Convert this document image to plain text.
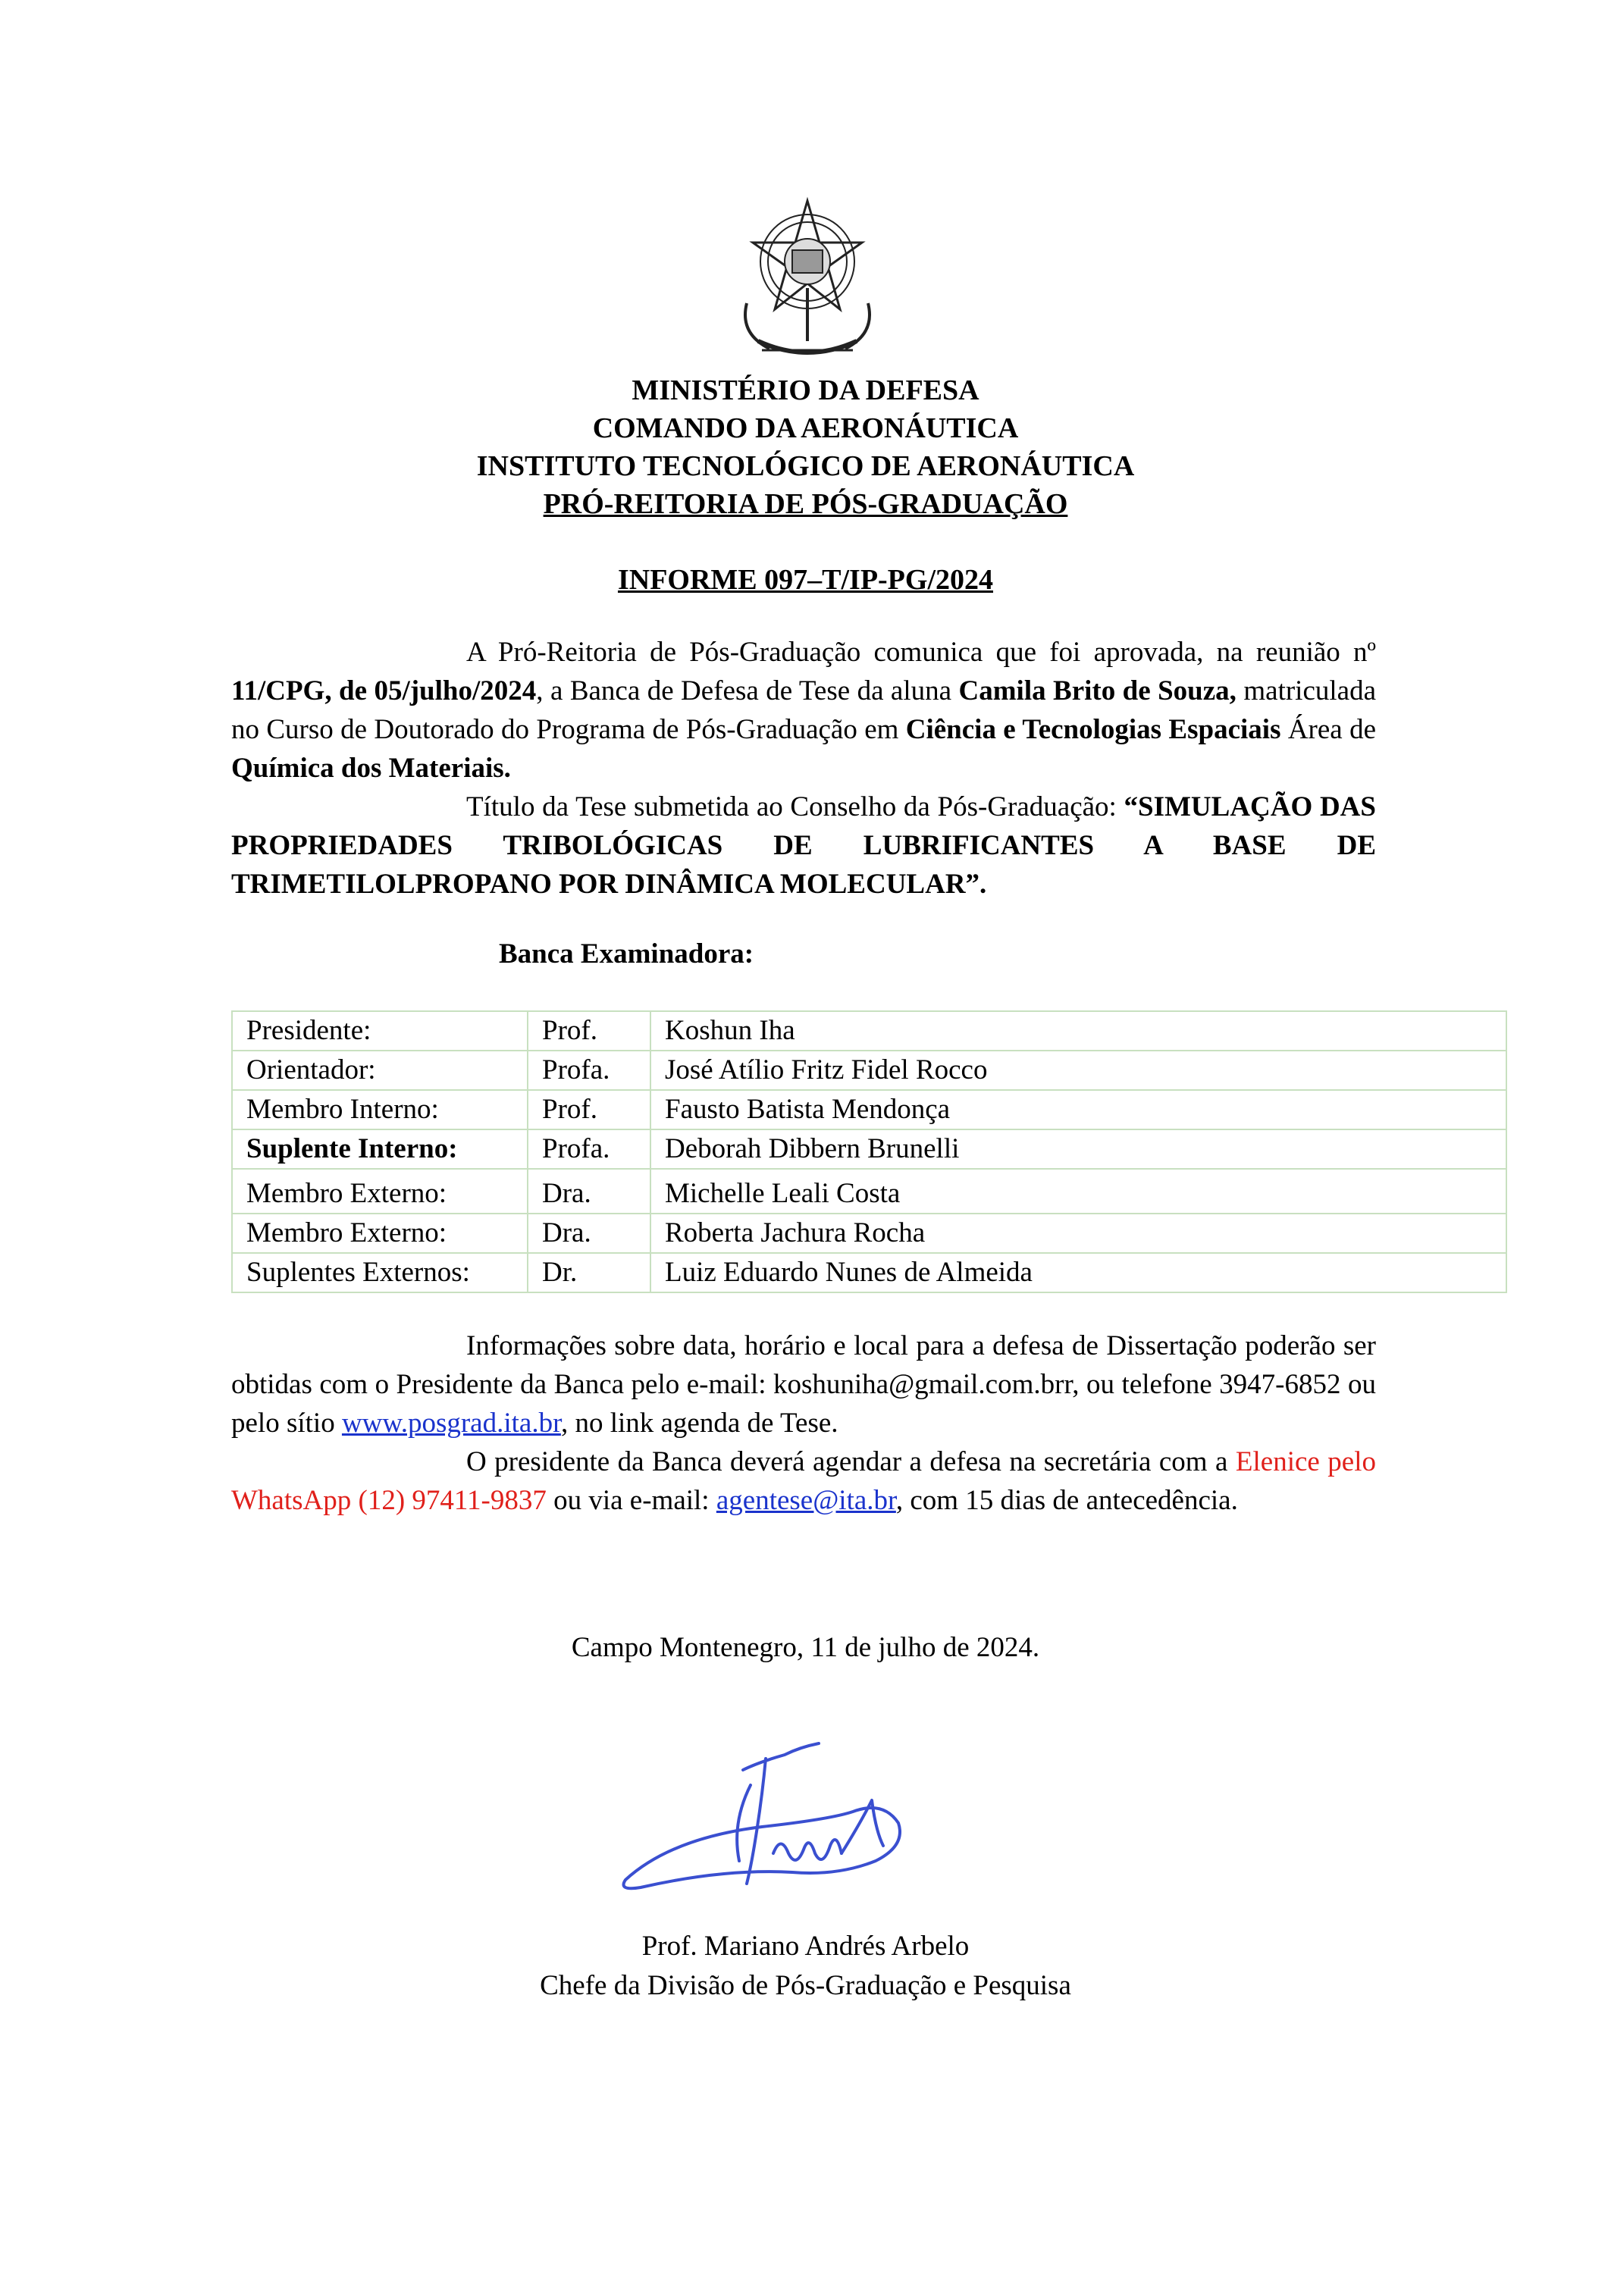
MINISTÉRIO DA DEFESA
COMANDO DA AERONÁUTICA
INSTITUTO TECNOLÓGICO DE AERONÁUTICA
PRÓ-REITORIA DE PÓS-GRADUAÇÃO
INFORME 097–T/IP-PG/2024
A Pró-Reitoria de Pós-Graduação comunica que foi aprovada, na reunião nº 11/CPG, de 05/julho/2024, a Banca de Defesa de Tese da aluna Camila Brito de Souza, matriculada no Curso de Doutorado do Programa de Pós-Graduação em Ciência e Tecnologias Espaciais Área de Química dos Materiais.
Título da Tese submetida ao Conselho da Pós-Graduação: “SIMULAÇÃO DAS PROPRIEDADES TRIBOLÓGICAS DE LUBRIFICANTES A BASE DE TRIMETILOLPROPANO POR DINÂMICA MOLECULAR”.
Banca Examinadora:
Presidente:	Prof.	Koshun Iha
Orientador:	Profa.	José Atílio Fritz Fidel Rocco
Membro Interno:	Prof.	Fausto Batista Mendonça
Suplente Interno:	Profa.	Deborah Dibbern Brunelli
Membro Externo:	Dra.	Michelle Leali Costa
Membro Externo:	Dra.	Roberta Jachura Rocha
Suplentes Externos:	Dr.	Luiz Eduardo Nunes de Almeida
Informações sobre data, horário e local para a defesa de Dissertação poderão ser obtidas com o Presidente da Banca pelo e-mail: koshuniha@gmail.com.brr, ou telefone 3947-6852 ou pelo sítio www.posgrad.ita.br, no link agenda de Tese.
O presidente da Banca deverá agendar a defesa na secretária com a Elenice pelo WhatsApp (12) 97411-9837 ou via e-mail: agentese@ita.br, com 15 dias de antecedência.
Campo Montenegro, 11 de julho de 2024.
Prof. Mariano Andrés Arbelo
Chefe da Divisão de Pós-Graduação e Pesquisa
